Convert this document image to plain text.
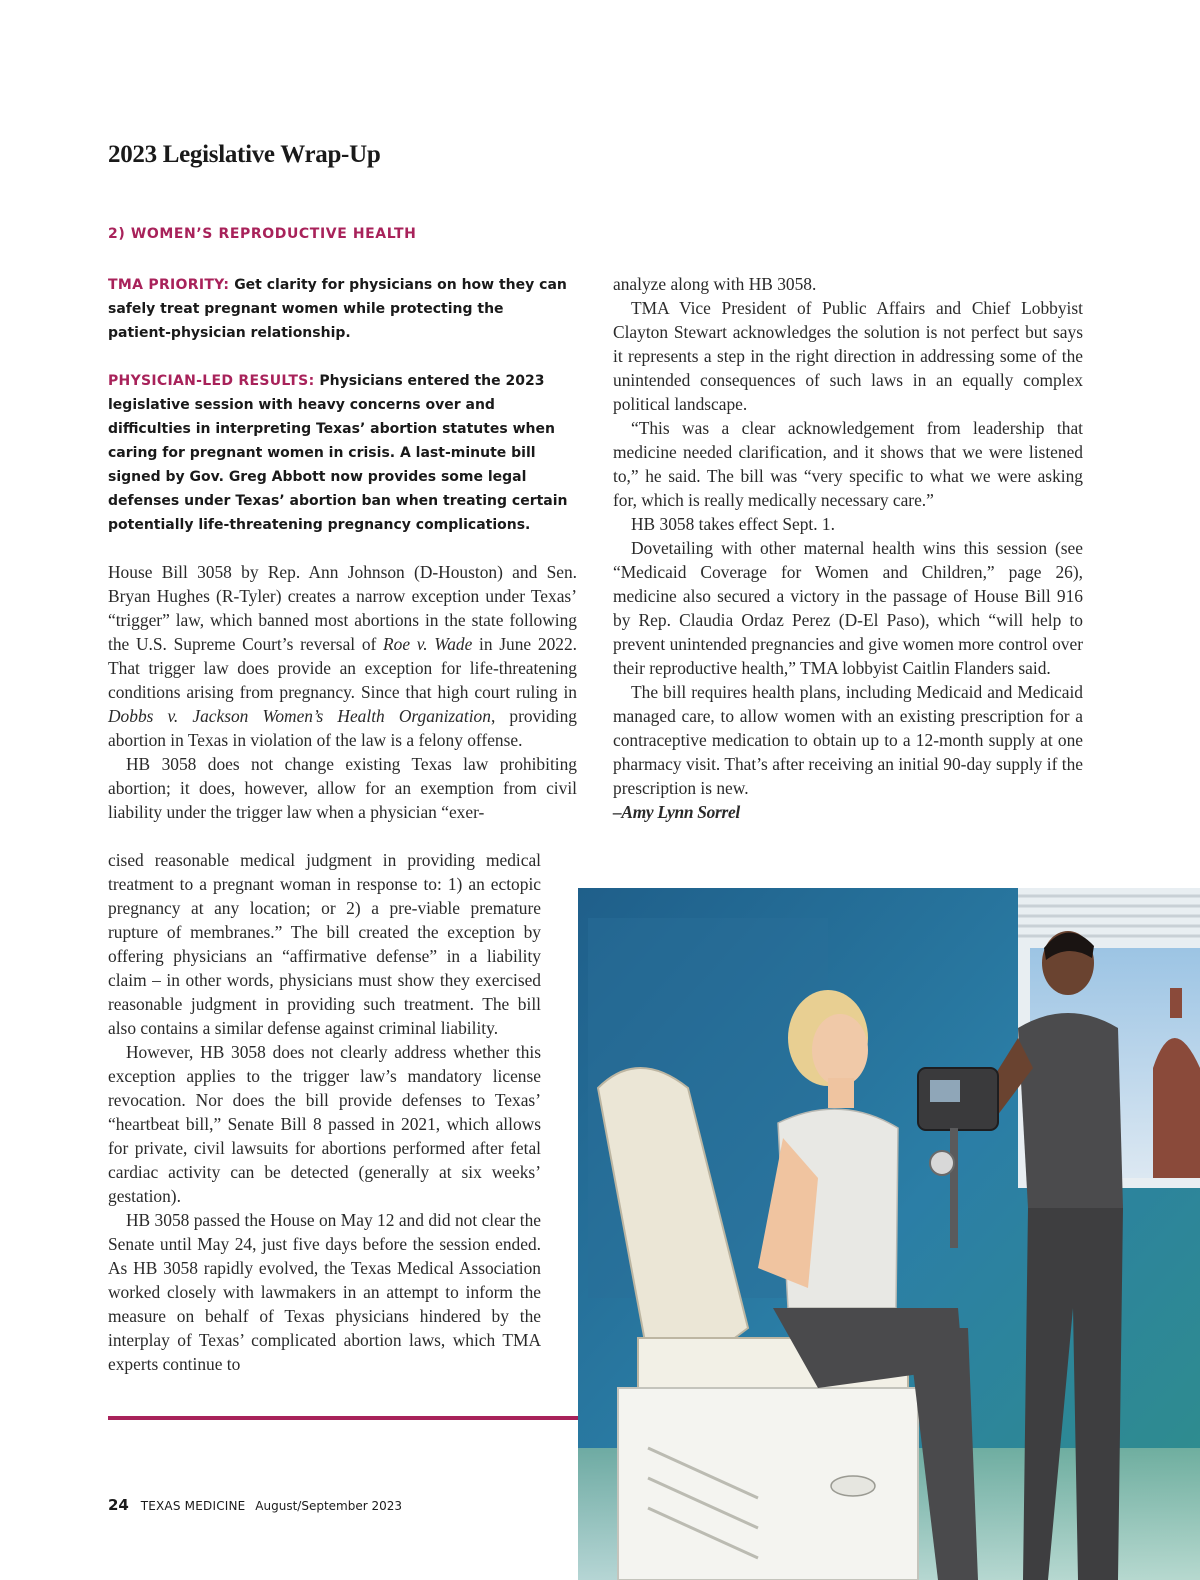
2023 Legislative Wrap-Up
2) WOMEN’S REPRODUCTIVE HEALTH

TMA PRIORITY: Get clarity for physicians on how they can safely treat pregnant women while protecting the patient-physician relationship.

PHYSICIAN-LED RESULTS: Physicians entered the 2023 legislative session with heavy concerns over and difficulties in interpreting Texas’ abortion statutes when caring for pregnant women in crisis. A last-minute bill signed by Gov. Greg Abbott now provides some legal defenses under Texas’ abortion ban when treating certain potentially life-threatening pregnancy complications.

House Bill 3058 by Rep. Ann Johnson (D-Houston) and Sen. Bryan Hughes (R-Tyler) creates a narrow exception under Texas’ “trigger” law, which banned most abortions in the state following the U.S. Supreme Court’s reversal of Roe v. Wade in June 2022. That trigger law does provide an exception for life-threatening conditions arising from pregnancy. Since that high court ruling in Dobbs v. Jackson Women’s Health Organization, providing abortion in Texas in violation of the law is a felony offense.

HB 3058 does not change existing Texas law prohibiting abortion; it does, however, allow for an exemption from civil liability under the trigger law when a physician “exer-

cised reasonable medical judgment in providing medical treatment to a pregnant woman in response to: 1) an ectopic pregnancy at any location; or 2) a pre-viable premature rupture of membranes.” The bill created the exception by offering physicians an “affirmative defense” in a liability claim – in other words, physicians must show they exercised reasonable judgment in providing such treatment. The bill also contains a similar defense against criminal liability.

However, HB 3058 does not clearly address whether this exception applies to the trigger law’s mandatory license revocation. Nor does the bill provide defenses to Texas’ “heartbeat bill,” Senate Bill 8 passed in 2021, which allows for private, civil lawsuits for abortions performed after fetal cardiac activity can be detected (generally at six weeks’ gestation).

HB 3058 passed the House on May 12 and did not clear the Senate until May 24, just five days before the session ended. As HB 3058 rapidly evolved, the Texas Medical Association worked closely with lawmakers in an attempt to inform the measure on behalf of Texas physicians hindered by the interplay of Texas’ complicated abortion laws, which TMA experts continue to

analyze along with HB 3058.

TMA Vice President of Public Affairs and Chief Lobbyist Clayton Stewart acknowledges the solution is not perfect but says it represents a step in the right direction in addressing some of the unintended consequences of such laws in an equally complex political landscape.

“This was a clear acknowledgement from leadership that medicine needed clarification, and it shows that we were listened to,” he said. The bill was “very specific to what we were asking for, which is really medically necessary care.”

HB 3058 takes effect Sept. 1.

Dovetailing with other maternal health wins this session (see “Medicaid Coverage for Women and Children,” page 26), medicine also secured a victory in the passage of House Bill 916 by Rep. Claudia Ordaz Perez (D-El Paso), which “will help to prevent unintended pregnancies and give women more control over their reproductive health,” TMA lobbyist Caitlin Flanders said.

The bill requires health plans, including Medicaid and Medicaid managed care, to allow women with an existing prescription for a contraceptive medication to obtain up to a 12-month supply at one pharmacy visit. That’s after receiving an initial 90-day supply if the prescription is new.

–Amy Lynn Sorrel

24 TEXAS MEDICINE August/September 2023
